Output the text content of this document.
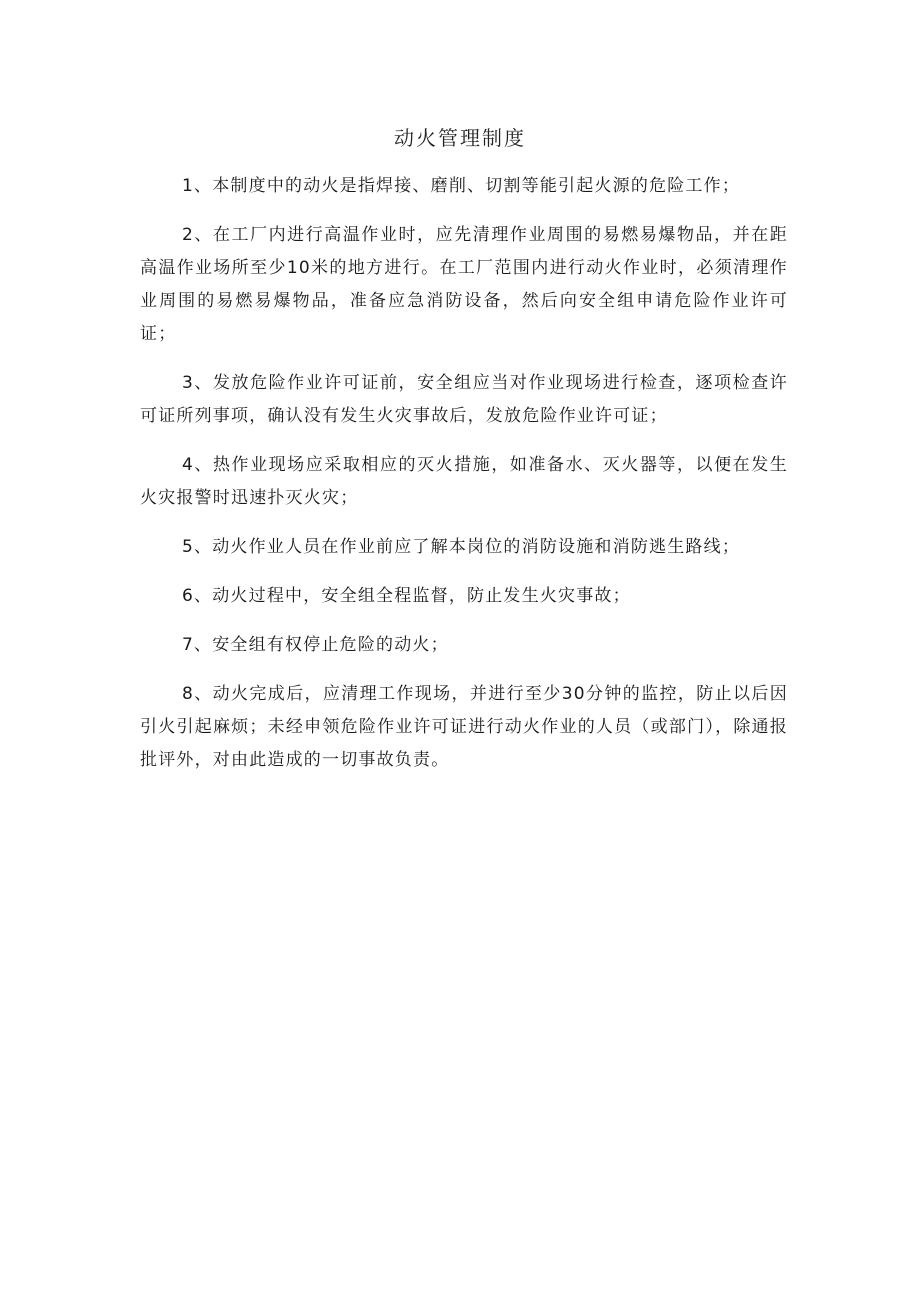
动火管理制度

1、本制度中的动火是指焊接、磨削、切割等能引起火源的危险工作；

2、在工厂内进行高温作业时，应先清理作业周围的易燃易爆物品，并在距高温作业场所至少10米的地方进行。在工厂范围内进行动火作业时，必须清理作业周围的易燃易爆物品，准备应急消防设备，然后向安全组申请危险作业许可证；

3、发放危险作业许可证前，安全组应当对作业现场进行检查，逐项检查许可证所列事项，确认没有发生火灾事故后，发放危险作业许可证；

4、热作业现场应采取相应的灭火措施，如准备水、灭火器等，以便在发生火灾报警时迅速扑灭火灾；

5、动火作业人员在作业前应了解本岗位的消防设施和消防逃生路线；

6、动火过程中，安全组全程监督，防止发生火灾事故；

7、安全组有权停止危险的动火；

8、动火完成后，应清理工作现场，并进行至少30分钟的监控，防止以后因引火引起麻烦；未经申领危险作业许可证进行动火作业的人员（或部门），除通报批评外，对由此造成的一切事故负责。
